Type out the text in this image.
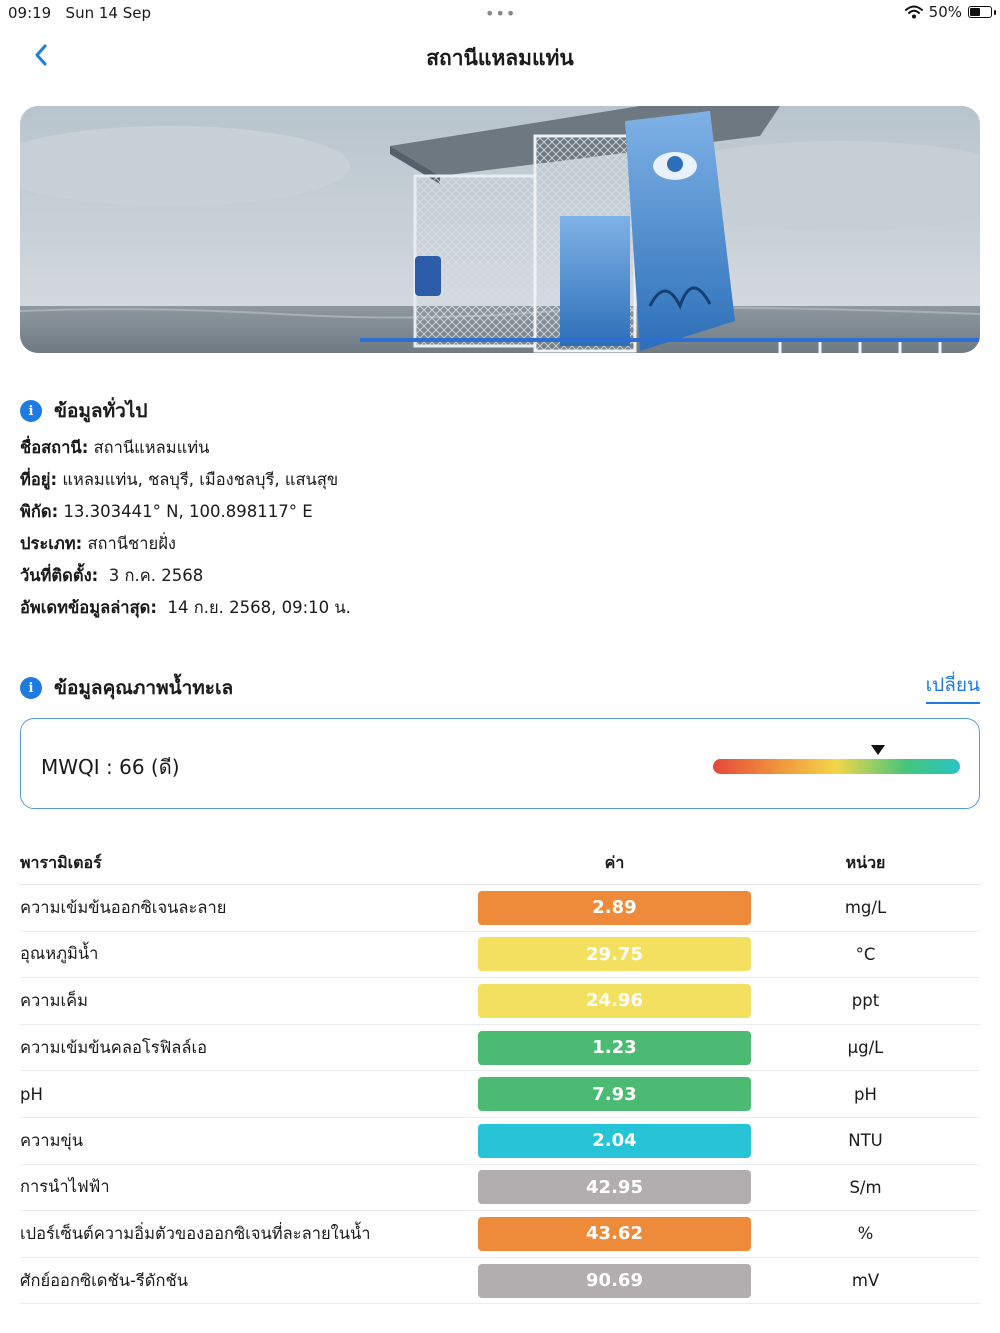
09:19 Sun 14 Sep	•••	50%
สถานีแหลมแท่น
i	ข้อมูลทั่วไป
ชื่อสถานี: สถานีแหลมแท่น
ที่อยู่: แหลมแท่น, ชลบุรี, เมืองชลบุรี, แสนสุข
พิกัด: 13.303441° N, 100.898117° E
ประเภท: สถานีชายฝั่ง
วันที่ติดตั้ง: 3 ก.ค. 2568
อัพเดทข้อมูลล่าสุด: 14 ก.ย. 2568, 09:10 น.
i	ข้อมูลคุณภาพน้ำทะเล	เปลี่ยน
MWQI : 66 (ดี)
พารามิเตอร์	ค่า	หน่วย
ความเข้มข้นออกซิเจนละลาย	2.89	mg/L
อุณหภูมิน้ำ	29.75	°C
ความเค็ม	24.96	ppt
ความเข้มข้นคลอโรฟิลล์เอ	1.23	μg/L
pH	7.93	pH
ความขุ่น	2.04	NTU
การนำไฟฟ้า	42.95	S/m
เปอร์เซ็นต์ความอิ่มตัวของออกซิเจนที่ละลายในน้ำ	43.62	%
ศักย์ออกซิเดชัน-รีดักชัน	90.69	mV
